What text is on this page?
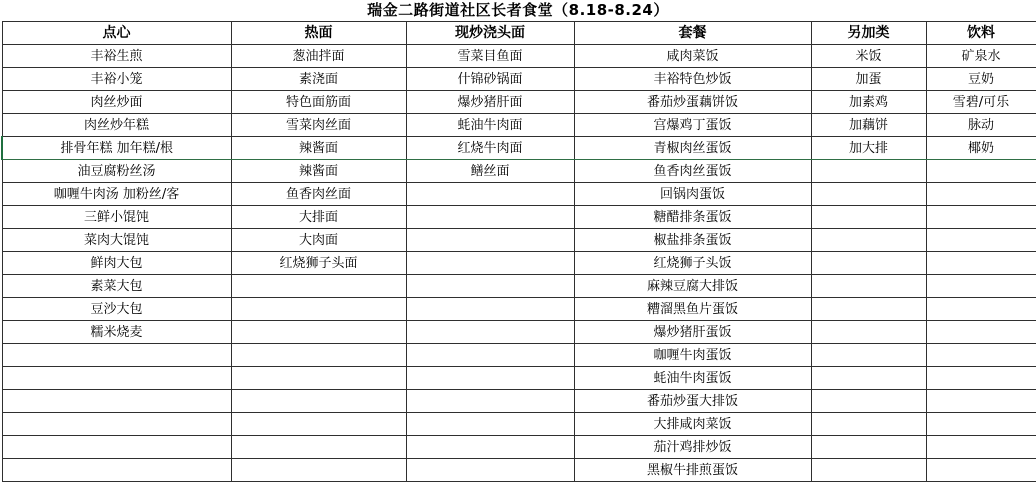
瑞金二路街道社区长者食堂（8.18-8.24）
点心	热面	现炒浇头面	套餐	另加类	饮料
丰裕生煎	葱油拌面	雪菜目鱼面	咸肉菜饭	米饭	矿泉水
丰裕小笼	素浇面	什锦砂锅面	丰裕特色炒饭	加蛋	豆奶
肉丝炒面	特色面筋面	爆炒猪肝面	番茄炒蛋藕饼饭	加素鸡	雪碧/可乐
肉丝炒年糕	雪菜肉丝面	蚝油牛肉面	宫爆鸡丁蛋饭	加藕饼	脉动
排骨年糕 加年糕/根	辣酱面	红烧牛肉面	青椒肉丝蛋饭	加大排	椰奶
油豆腐粉丝汤	辣酱面	鳝丝面	鱼香肉丝蛋饭		
咖喱牛肉汤 加粉丝/客	鱼香肉丝面		回锅肉蛋饭		
三鲜小馄饨	大排面		糖醋排条蛋饭		
菜肉大馄饨	大肉面		椒盐排条蛋饭		
鲜肉大包	红烧狮子头面		红烧狮子头饭		
素菜大包			麻辣豆腐大排饭		
豆沙大包			糟溜黑鱼片蛋饭		
糯米烧麦			爆炒猪肝蛋饭		
			咖喱牛肉蛋饭		
			蚝油牛肉蛋饭		
			番茄炒蛋大排饭		
			大排咸肉菜饭		
			茄汁鸡排炒饭		
			黑椒牛排煎蛋饭		
